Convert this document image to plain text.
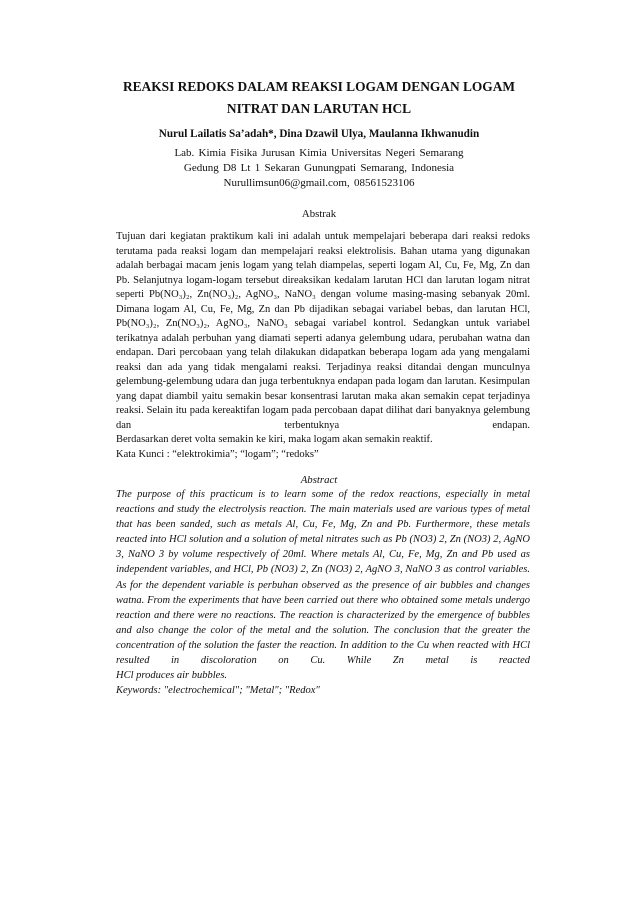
REAKSI REDOKS DALAM REAKSI LOGAM DENGAN LOGAM
NITRAT DAN LARUTAN HCL
Nurul Lailatis Sa’adah*, Dina Dzawil Ulya, Maulanna Ikhwanudin
Lab. Kimia Fisika Jurusan Kimia Universitas Negeri Semarang
Gedung D8 Lt 1 Sekaran Gunungpati Semarang, Indonesia
Nurullimsun06@gmail.com, 08561523106
Abstrak
Tujuan dari kegiatan praktikum kali ini adalah untuk mempelajari beberapa dari reaksi redoks terutama pada reaksi logam dan mempelajari reaksi elektrolisis. Bahan utama yang digunakan adalah berbagai macam jenis logam yang telah diampelas, seperti logam Al, Cu, Fe, Mg, Zn dan Pb. Selanjutnya logam-logam tersebut direaksikan kedalam larutan HCl dan larutan logam nitrat seperti Pb(NO₃)₂, Zn(NO₃)₂, AgNO₃, NaNO₃ dengan volume masing-masing sebanyak 20ml. Dimana logam Al, Cu, Fe, Mg, Zn dan Pb dijadikan sebagai variabel bebas, dan larutan HCl, Pb(NO₃)₂, Zn(NO₃)₂, AgNO₃, NaNO₃ sebagai variabel kontrol. Sedangkan untuk variabel terikatnya adalah perbuhan yang diamati seperti adanya gelembung udara, perubahan watna dan endapan. Dari percobaan yang telah dilakukan didapatkan beberapa logam ada yang mengalami reaksi dan ada yang tidak mengalami reaksi. Terjadinya reaksi ditandai dengan munculnya gelembung-gelembung udara dan juga terbentuknya endapan pada logam dan larutan. Kesimpulan yang dapat diambil yaitu semakin besar konsentrasi larutan maka akan semakin cepat terjadinya reaksi. Selain itu pada kereaktifan logam pada percobaan dapat dilihat dari banyaknya gelembung dan terbentuknya endapan.
Berdasarkan deret volta semakin ke kiri, maka logam akan semakin reaktif.
Kata Kunci : “elektrokimia”; “logam”; “redoks”
Abstract
The purpose of this practicum is to learn some of the redox reactions, especially in metal reactions and study the electrolysis reaction. The main materials used are various types of metal that has been sanded, such as metals Al, Cu, Fe, Mg, Zn and Pb. Furthermore, these metals reacted into HCl solution and a solution of metal nitrates such as Pb (NO3) 2, Zn (NO3) 2, AgNO 3, NaNO 3 by volume respectively of 20ml. Where metals Al, Cu, Fe, Mg, Zn and Pb used as independent variables, and HCl, Pb (NO3) 2, Zn (NO3) 2, AgNO 3, NaNO 3 as control variables. As for the dependent variable is perbuhan observed as the presence of air bubbles and changes watna. From the experiments that have been carried out there who obtained some metals undergo reaction and there were no reactions. The reaction is characterized by the emergence of bubbles and also change the color of the metal and the solution. The conclusion that the greater the concentration of the solution the faster the reaction. In addition to the Cu when reacted with HCl resulted in discoloration on Cu. While Zn metal is reacted
HCl produces air bubbles.
Keywords: "electrochemical"; "Metal"; "Redox"
